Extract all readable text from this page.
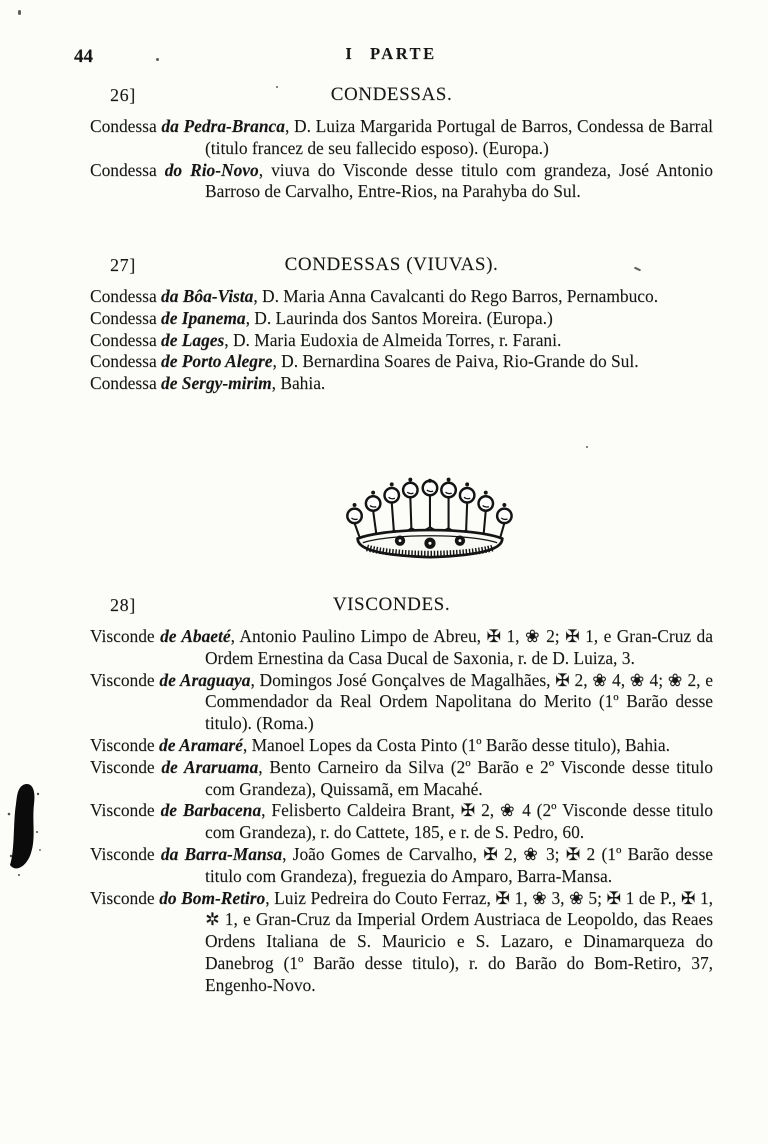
44	I PARTE
26]	CONDESSAS.

Condessa da Pedra-Branca, D. Luiza Margarida Portugal de Barros, Condessa de Barral (titulo francez de seu fallecido esposo). (Europa.)

Condessa do Rio-Novo, viuva do Visconde desse titulo com grandeza, José Antonio Barroso de Carvalho, Entre-Rios, na Parahyba do Sul.

27]	CONDESSAS (VIUVAS).

Condessa da Bôa-Vista, D. Maria Anna Cavalcanti do Rego Barros, Pernambuco.

Condessa de Ipanema, D. Laurinda dos Santos Moreira. (Europa.)

Condessa de Lages, D. Maria Eudoxia de Almeida Torres, r. Farani.

Condessa de Porto Alegre, D. Bernardina Soares de Paiva, Rio-Grande do Sul.

Condessa de Sergy-mirim, Bahia.

28]	VISCONDES.

Visconde de Abaeté, Antonio Paulino Limpo de Abreu, ✠ 1, ❀ 2; ✠ 1, e Gran-Cruz da Ordem Ernestina da Casa Ducal de Saxonia, r. de D. Luiza, 3.

Visconde de Araguaya, Domingos José Gonçalves de Magalhães, ✠ 2, ❀ 4, ❀ 4; ❀ 2, e Commendador da Real Ordem Napolitana do Merito (1º Barão desse titulo). (Roma.)

Visconde de Aramaré, Manoel Lopes da Costa Pinto (1º Barão desse titulo), Bahia.

Visconde de Araruama, Bento Carneiro da Silva (2º Barão e 2º Visconde desse titulo com Grandeza), Quissamã, em Macahé.

Visconde de Barbacena, Felisberto Caldeira Brant, ✠ 2, ❀ 4 (2º Visconde desse titulo com Grandeza), r. do Cattete, 185, e r. de S. Pedro, 60.

Visconde da Barra-Mansa, João Gomes de Carvalho, ✠ 2, ❀ 3; ✠ 2 (1º Barão desse titulo com Grandeza), freguezia do Amparo, Barra-Mansa.

Visconde do Bom-Retiro, Luiz Pedreira do Couto Ferraz, ✠ 1, ❀ 3, ❀ 5; ✠ 1 de P., ✠ 1, ✲ 1, e Gran-Cruz da Imperial Ordem Austriaca de Leopoldo, das Reaes Ordens Italiana de S. Mauricio e S. Lazaro, e Dinamarqueza do Danebrog (1º Barão desse titulo), r. do Barão do Bom-Retiro, 37, Engenho-Novo.
